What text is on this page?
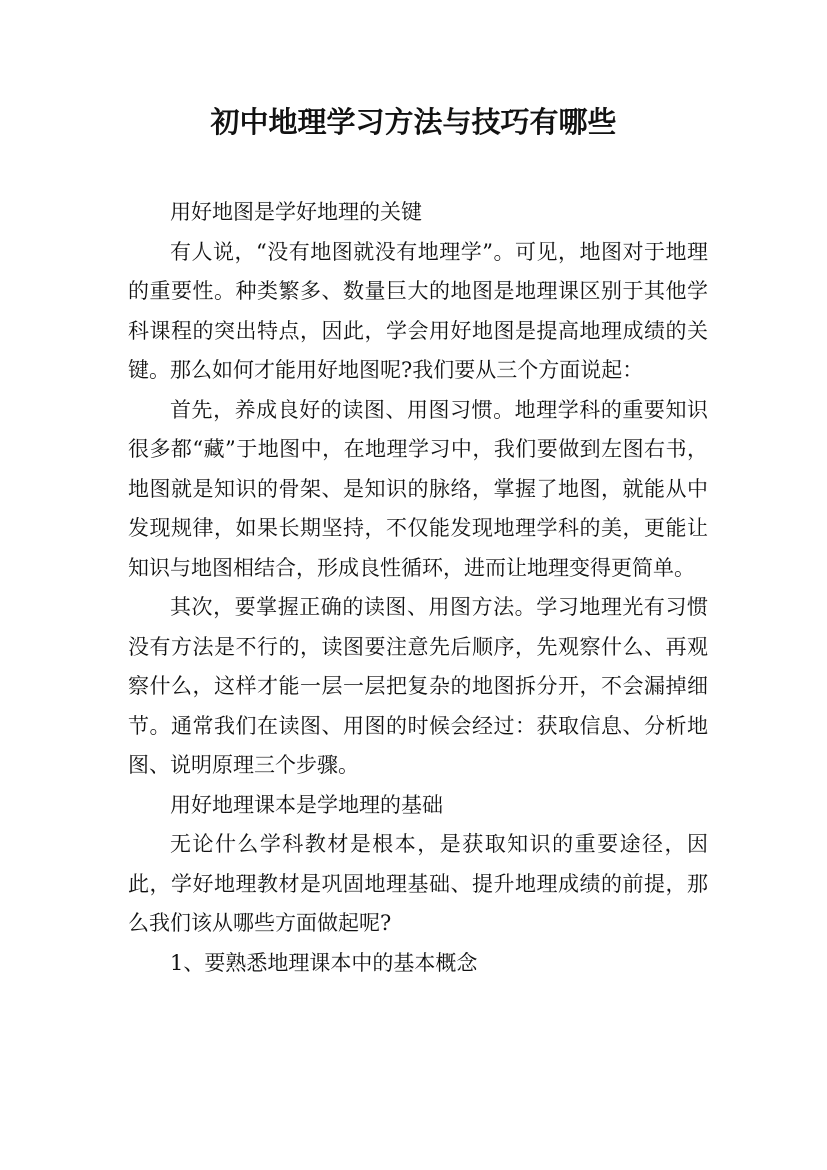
初中地理学习方法与技巧有哪些

用好地图是学好地理的关键

有人说，“没有地图就没有地理学”。可见，地图对于地理的重要性。种类繁多、数量巨大的地图是地理课区别于其他学科课程的突出特点，因此，学会用好地图是提高地理成绩的关键。那么如何才能用好地图呢?我们要从三个方面说起：

首先，养成良好的读图、用图习惯。地理学科的重要知识很多都“藏”于地图中，在地理学习中，我们要做到左图右书，地图就是知识的骨架、是知识的脉络，掌握了地图，就能从中发现规律，如果长期坚持，不仅能发现地理学科的美，更能让知识与地图相结合，形成良性循环，进而让地理变得更简单。

其次，要掌握正确的读图、用图方法。学习地理光有习惯没有方法是不行的，读图要注意先后顺序，先观察什么、再观察什么，这样才能一层一层把复杂的地图拆分开，不会漏掉细节。通常我们在读图、用图的时候会经过：获取信息、分析地图、说明原理三个步骤。

用好地理课本是学地理的基础

无论什么学科教材是根本，是获取知识的重要途径，因此，学好地理教材是巩固地理基础、提升地理成绩的前提，那么我们该从哪些方面做起呢?

1、要熟悉地理课本中的基本概念
